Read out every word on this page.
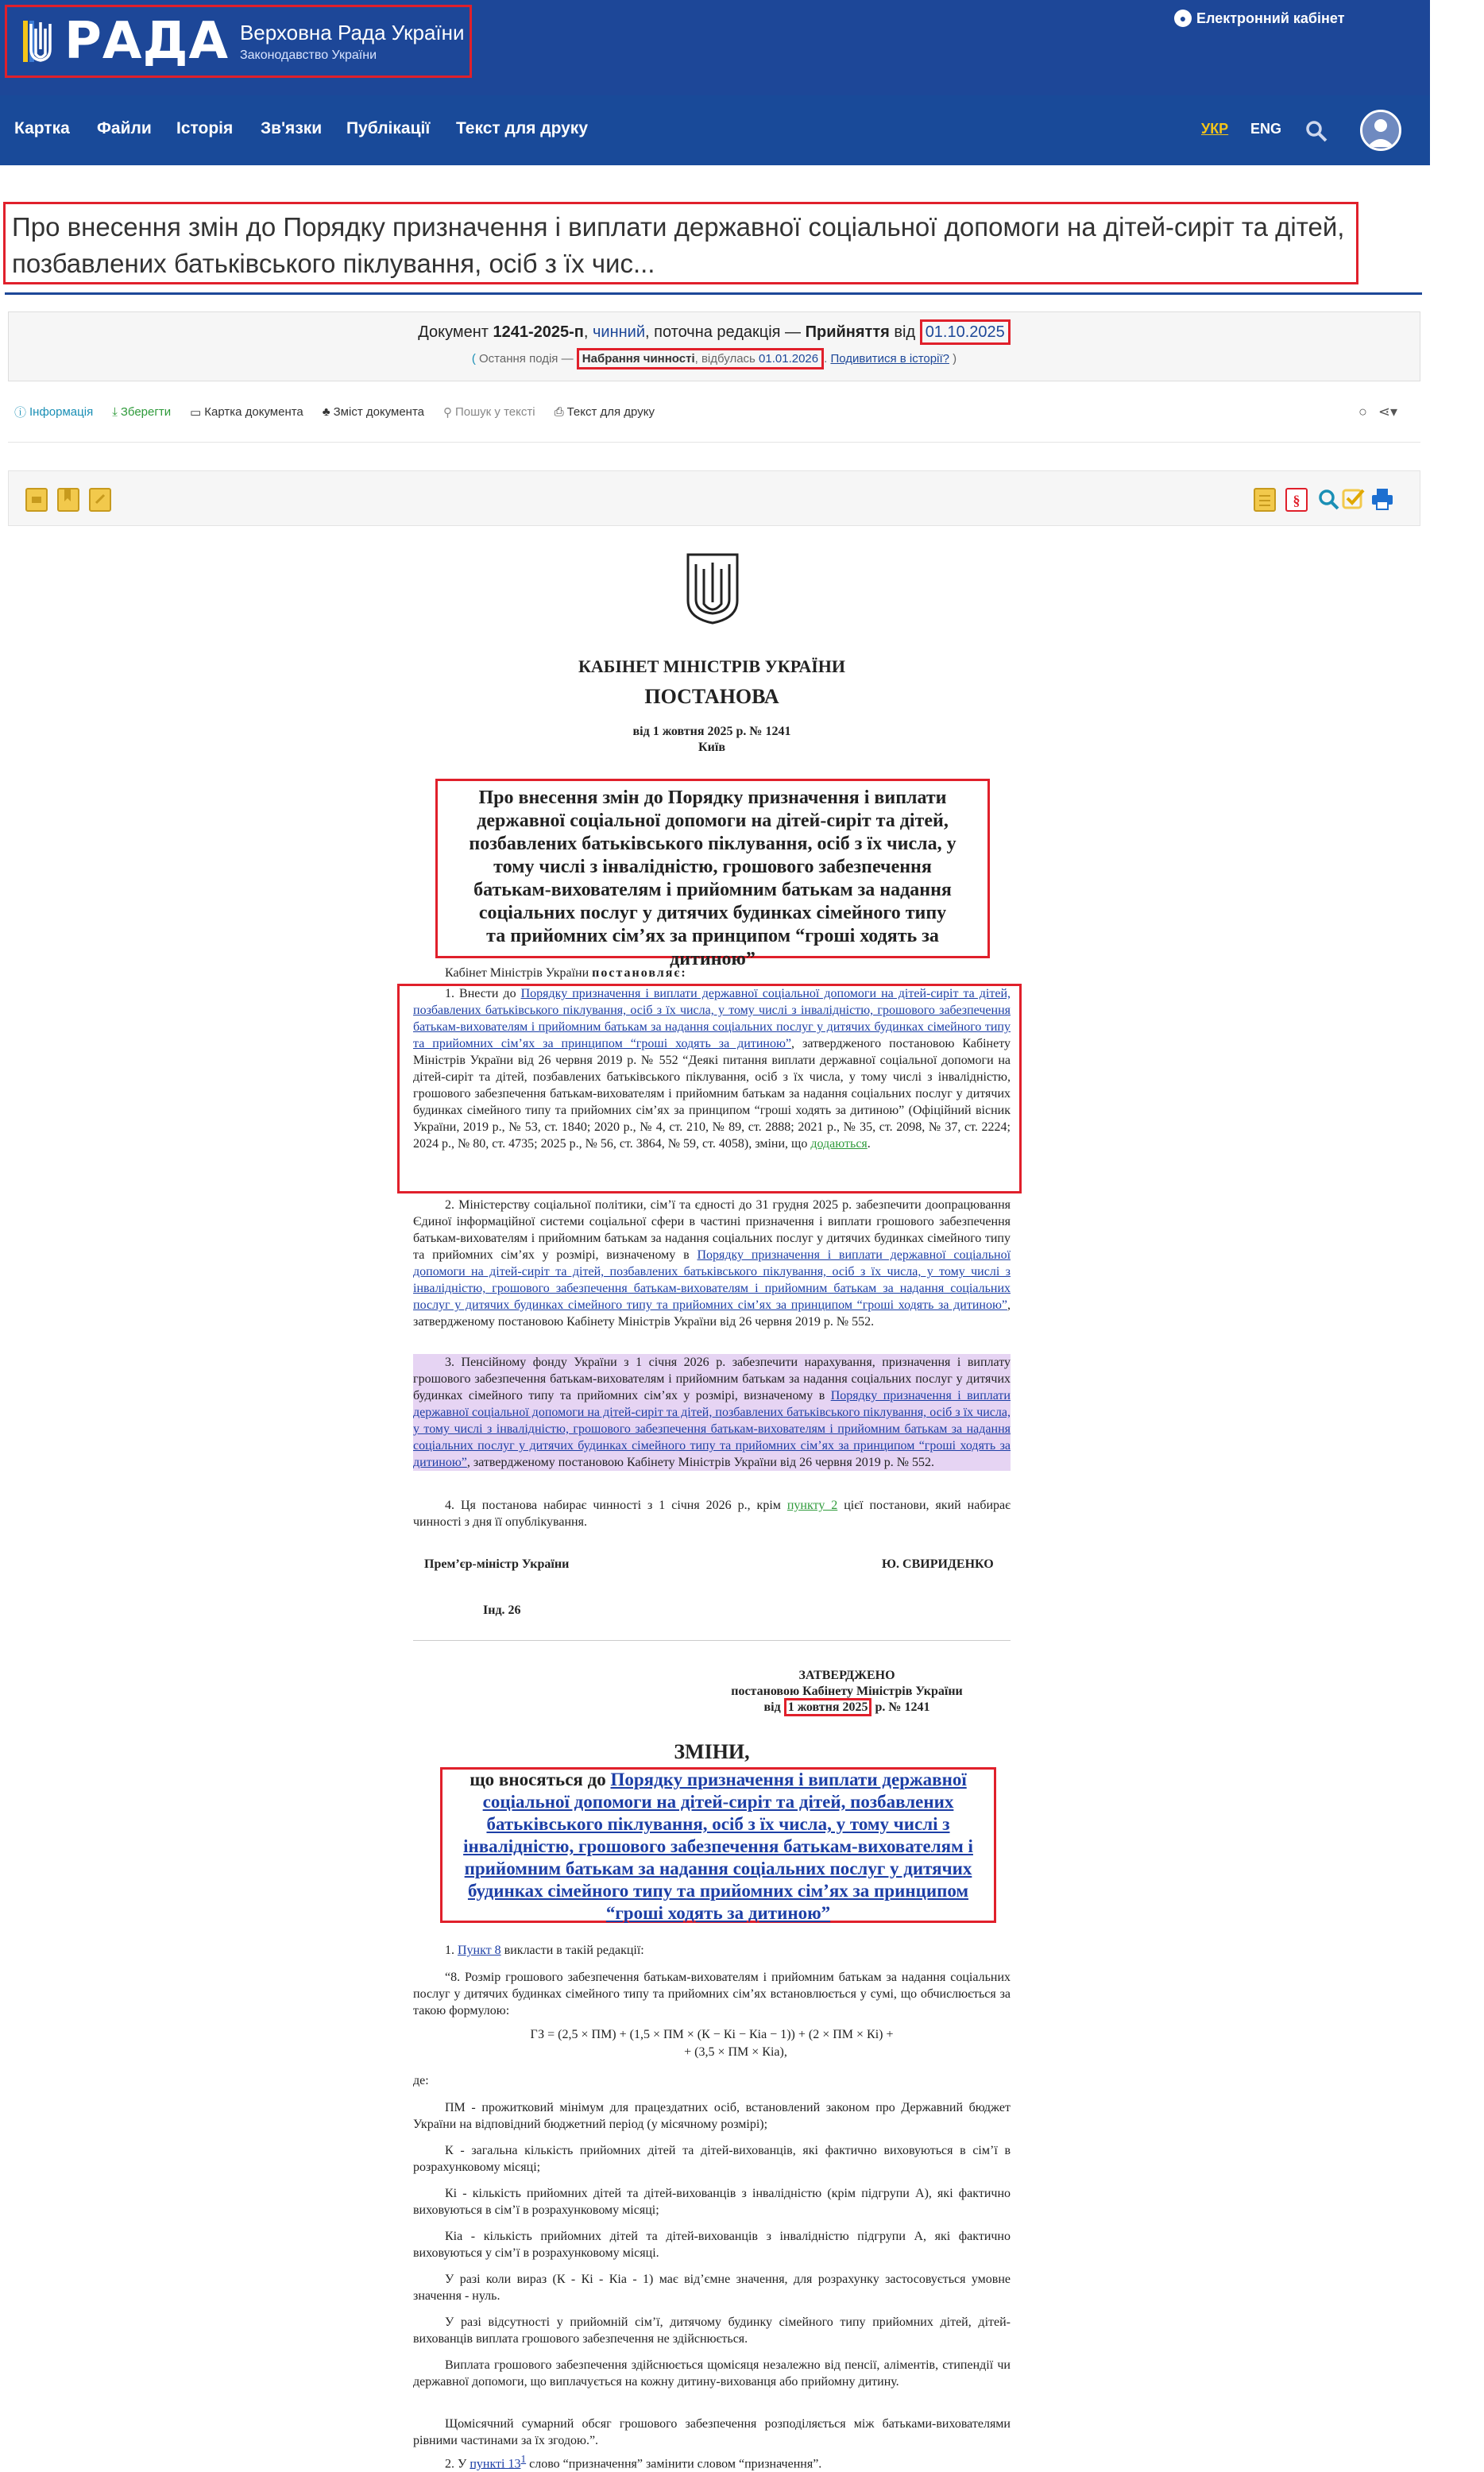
РАДА Верховна Рада України
Законодавство України
● Електронний кабінет
Картка Файли Історія Зв'язки Публікації Текст для друку	УКР ENG
Про внесення змін до Порядку призначення і виплати державної соціальної допомоги на дітей-сиріт та дітей, позбавлених батьківського піклування, осіб з їх чис...
Документ 1241-2025-п, чинний, поточна редакція — Прийняття від 01.10.2025
( Остання подія — Набрання чинності, відбулась 01.01.2026 . Подивитися в історії? )
ⓘ Інформація ⤓ Зберегти ▭ Картка документа ♣ Зміст документа ⚲ Пошук у тексті ⎙ Текст для друку	○ ⋖▾
§
КАБІНЕТ МІНІСТРІВ УКРАЇНИ
ПОСТАНОВА
від 1 жовтня 2025 р. № 1241
Київ
Про внесення змін до Порядку призначення і виплати державної соціальної допомоги на дітей-сиріт та дітей, позбавлених батьківського піклування, осіб з їх числа, у тому числі з інвалідністю, грошового забезпечення батькам-вихователям і прийомним батькам за надання соціальних послуг у дитячих будинках сімейного типу та прийомних сім’ях за принципом “гроші ходять за дитиною”
Кабінет Міністрів України постановляє:
1. Внести до Порядку призначення і виплати державної соціальної допомоги на дітей-сиріт та дітей, позбавлених батьківського піклування, осіб з їх числа, у тому числі з інвалідністю, грошового забезпечення батькам-вихователям і прийомним батькам за надання соціальних послуг у дитячих будинках сімейного типу та прийомних сім’ях за принципом “гроші ходять за дитиною”, затвердженого постановою Кабінету Міністрів України від 26 червня 2019 р. № 552 “Деякі питання виплати державної соціальної допомоги на дітей-сиріт та дітей, позбавлених батьківського піклування, осіб з їх числа, у тому числі з інвалідністю, грошового забезпечення батькам-вихователям і прийомним батькам за надання соціальних послуг у дитячих будинках сімейного типу та прийомних сім’ях за принципом “гроші ходять за дитиною” (Офіційний вісник України, 2019 р., № 53, ст. 1840; 2020 р., № 4, ст. 210, № 89, ст. 2888; 2021 р., № 35, ст. 2098, № 37, ст. 2224; 2024 р., № 80, ст. 4735; 2025 р., № 56, ст. 3864, № 59, ст. 4058), зміни, що додаються.
2. Міністерству соціальної політики, сім’ї та єдності до 31 грудня 2025 р. забезпечити доопрацювання Єдиної інформаційної системи соціальної сфери в частині призначення і виплати грошового забезпечення батькам-вихователям і прийомним батькам за надання соціальних послуг у дитячих будинках сімейного типу та прийомних сім’ях у розмірі, визначеному в Порядку призначення і виплати державної соціальної допомоги на дітей-сиріт та дітей, позбавлених батьківського піклування, осіб з їх числа, у тому числі з інвалідністю, грошового забезпечення батькам-вихователям і прийомним батькам за надання соціальних послуг у дитячих будинках сімейного типу та прийомних сім’ях за принципом “гроші ходять за дитиною”, затвердженому постановою Кабінету Міністрів України від 26 червня 2019 р. № 552.
3. Пенсійному фонду України з 1 січня 2026 р. забезпечити нарахування, призначення і виплату грошового забезпечення батькам-вихователям і прийомним батькам за надання соціальних послуг у дитячих будинках сімейного типу та прийомних сім’ях у розмірі, визначеному в Порядку призначення і виплати державної соціальної допомоги на дітей-сиріт та дітей, позбавлених батьківського піклування, осіб з їх числа, у тому числі з інвалідністю, грошового забезпечення батькам-вихователям і прийомним батькам за надання соціальних послуг у дитячих будинках сімейного типу та прийомних сім’ях за принципом “гроші ходять за дитиною”, затвердженому постановою Кабінету Міністрів України від 26 червня 2019 р. № 552.
4. Ця постанова набирає чинності з 1 січня 2026 р., крім пункту 2 цієї постанови, який набирає чинності з дня її опублікування.
Прем’єр-міністр України	Ю. СВИРИДЕНКО
Інд. 26
ЗАТВЕРДЖЕНО
постановою Кабінету Міністрів України
від 1 жовтня 2025 р. № 1241
ЗМІНИ,
що вносяться до Порядку призначення і виплати державної соціальної допомоги на дітей-сиріт та дітей, позбавлених батьківського піклування, осіб з їх числа, у тому числі з інвалідністю, грошового забезпечення батькам-вихователям і прийомним батькам за надання соціальних послуг у дитячих будинках сімейного типу та прийомних сім’ях за принципом “гроші ходять за дитиною”
1. Пункт 8 викласти в такій редакції:
“8. Розмір грошового забезпечення батькам-вихователям і прийомним батькам за надання соціальних послуг у дитячих будинках сімейного типу та прийомних сім’ях встановлюється у сумі, що обчислюється за такою формулою:
ГЗ = (2,5 × ПМ) + (1,5 × ПМ × (К − Кі − Кіа − 1)) + (2 × ПМ × Кі) +
+ (3,5 × ПМ × Кіа),
де:
ПМ - прожитковий мінімум для працездатних осіб, встановлений законом про Державний бюджет України на відповідний бюджетний період (у місячному розмірі);
К - загальна кількість прийомних дітей та дітей-вихованців, які фактично виховуються в сім’ї в розрахунковому місяці;
Кі - кількість прийомних дітей та дітей-вихованців з інвалідністю (крім підгрупи А), які фактично виховуються в сім’ї в розрахунковому місяці;
Кіа - кількість прийомних дітей та дітей-вихованців з інвалідністю підгрупи А, які фактично виховуються у сім’ї в розрахунковому місяці.
У разі коли вираз (К - Кі - Кіа - 1) має від’ємне значення, для розрахунку застосовується умовне значення - нуль.
У разі відсутності у прийомній сім’ї, дитячому будинку сімейного типу прийомних дітей, дітей-вихованців виплата грошового забезпечення не здійснюється.
Виплата грошового забезпечення здійснюється щомісяця незалежно від пенсії, аліментів, стипендії чи державної допомоги, що виплачується на кожну дитину-вихованця або прийомну дитину.
Щомісячний сумарний обсяг грошового забезпечення розподіляється між батьками-вихователями рівними частинами за їх згодою.”.
2. У пункті $13^1$ слово “призначення” замінити словом “призначення”.
